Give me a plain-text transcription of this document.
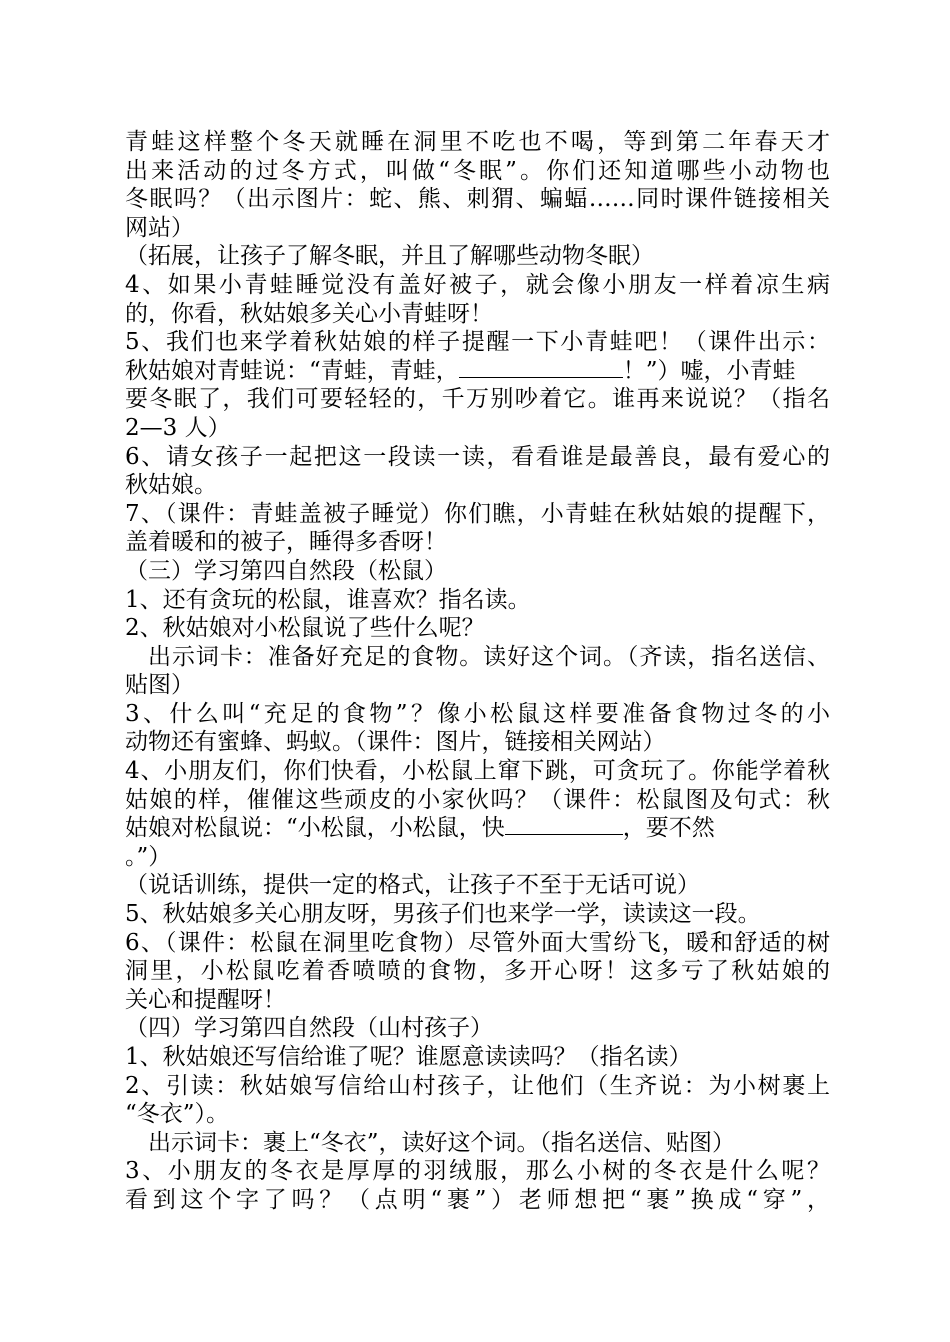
青蛙这样整个冬天就睡在洞里不吃也不喝，等到第二年春天才
出来活动的过冬方式，叫做“冬眠”。你们还知道哪些小动物也
冬眠吗？（出示图片：蛇、熊、刺猬、蝙蝠……同时课件链接相关
网站）
（拓展，让孩子了解冬眠，并且了解哪些动物冬眠）
4、如果小青蛙睡觉没有盖好被子，就会像小朋友一样着凉生病
的，你看，秋姑娘多关心小青蛙呀！
5、我们也来学着秋姑娘的样子提醒一下小青蛙吧！（课件出示：
秋姑娘对青蛙说：“青蛙，青蛙，	！”）嘘，小青蛙
要冬眠了，我们可要轻轻的，千万别吵着它。谁再来说说？（指名
2—3 人）
6、请女孩子一起把这一段读一读，看看谁是最善良，最有爱心的
秋姑娘。
7、（课件：青蛙盖被子睡觉）你们瞧，小青蛙在秋姑娘的提醒下，
盖着暖和的被子，睡得多香呀！
（三）学习第四自然段（松鼠）
1、还有贪玩的松鼠，谁喜欢？指名读。
2、秋姑娘对小松鼠说了些什么呢？
出示词卡：准备好充足的食物。读好这个词。（齐读，指名送信、
贴图）
3、什么叫“充足的食物”？像小松鼠这样要准备食物过冬的小
动物还有蜜蜂、蚂蚁。（课件：图片，链接相关网站）
4、小朋友们，你们快看，小松鼠上窜下跳，可贪玩了。你能学着秋
姑娘的样，催催这些顽皮的小家伙吗？（课件：松鼠图及句式：秋
姑娘对松鼠说：“小松鼠，小松鼠，快	，要不然
。”）
（说话训练，提供一定的格式，让孩子不至于无话可说）
5、秋姑娘多关心朋友呀，男孩子们也来学一学，读读这一段。
6、（课件：松鼠在洞里吃食物）尽管外面大雪纷飞，暖和舒适的树
洞里，小松鼠吃着香喷喷的食物，多开心呀！这多亏了秋姑娘的
关心和提醒呀！
（四）学习第四自然段（山村孩子）
1、秋姑娘还写信给谁了呢？谁愿意读读吗？（指名读）
2、引读：秋姑娘写信给山村孩子，让他们（生齐说：为小树裹上
“冬衣”）。
出示词卡：裹上“冬衣”，读好这个词。（指名送信、贴图）
3、小朋友的冬衣是厚厚的羽绒服，那么小树的冬衣是什么呢？
看到这个字了吗？（点明“裹”）老师想把“裹”换成“穿”，
